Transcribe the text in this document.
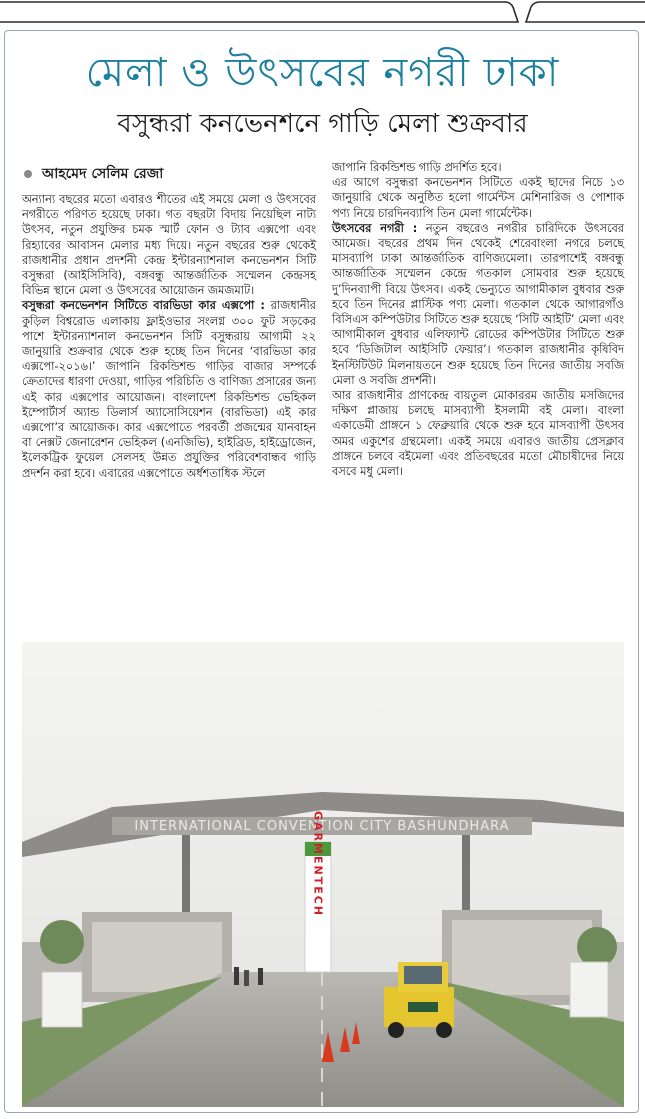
মেলা ও উৎসবের নগরী ঢাকা
বসুন্ধরা কনভেনশনে গাড়ি মেলা শুক্রবার
আহমেদ সেলিম রেজা

অন্যান্য বছরের মতো এবারও শীতের এই সময়ে মেলা ও উৎসবের নগরীতে পরিণত হয়েছে ঢাকা। গত বছরটা বিদায় নিয়েছিল নাট্য উৎসব, নতুন প্রযুক্তির চমক স্মার্ট ফোন ও ট্যাব এক্সপো এবং রিহ্যাবের আবাসন মেলার মধ্য দিয়ে। নতুন বছরের শুরু থেকেই রাজধানীর প্রধান প্রদর্শনী কেন্দ্র ইন্টারন্যাশনাল কনভেনশন সিটি বসুন্ধরা (আইসিসিবি), বঙ্গবন্ধু আন্তর্জাতিক সম্মেলন কেন্দ্রসহ বিভিন্ন স্থানে মেলা ও উৎসবের আয়োজন জমজমাট।

বসুন্ধরা কনভেনশন সিটিতে বারভিডা কার এক্সপো : রাজধানীর কুড়িল বিশ্বরোড এলাকায় ফ্লাইওভার সংলগ্ন ৩০০ ফুট সড়কের পাশে ইন্টারন্যাশনাল কনভেনশন সিটি বসুন্ধরায় আগামী ২২ জানুয়ারি শুক্রবার থেকে শুরু হচ্ছে তিন দিনের ‘বারভিডা কার এক্সপো-২০১৬।’ জাপানি রিকন্ডিশন্ড গাড়ির বাজার সম্পর্কে ক্রেতাদের ধারণা দেওয়া, গাড়ির পরিচিতি ও বাণিজ্য প্রসারের জন্য এই কার এক্সপোর আয়োজন। বাংলাদেশ রিকন্ডিশন্ড ভেহিকল ইম্পোর্টার্স অ্যান্ড ডিলার্স অ্যাসোসিয়েশন (বারভিডা) এই কার এক্সপো’র আয়োজক। কার এক্সপোতে পরবর্তী প্রজন্মের যানবাহন বা নেক্সট জেনারেশন ভেহিকল (এনজিভি), হাইব্রিড, হাইড্রোজেন, ইলেকট্রিক ফুয়েল সেলসহ উন্নত প্রযুক্তির পরিবেশবান্ধব গাড়ি প্রদর্শন করা হবে। এবারের এক্সপোতে অর্ধশতাধিক স্টলে

জাপানি রিকন্ডিশন্ড গাড়ি প্রদর্শিত হবে।

এর আগে বসুন্ধরা কনভেনশন সিটিতে একই ছাদের নিচে ১৩ জানুয়ারি থেকে অনুষ্ঠিত হলো গার্মেন্টস মেশিনারিজ ও পোশাক পণ্য নিয়ে চারদিনব্যাপি তিন মেলা গার্মেন্টেক।

উৎসবের নগরী : নতুন বছরেও নগরীর চারিদিকে উৎসবের আমেজ। বছরের প্রথম দিন থেকেই শেরেবাংলা নগরে চলছে মাসব্যাপি ঢাকা আন্তর্জাতিক বাণিজ্যমেলা। তারপাশেই বঙ্গবন্ধু আন্তর্জাতিক সম্মেলন কেন্দ্রে গতকাল সোমবার শুরু হয়েছে দু’দিনব্যাপী বিয়ে উৎসব। একই ভেন্যুতে আগামীকাল বুধবার শুরু হবে তিন দিনের প্লাস্টিক পণ্য মেলা। গতকাল থেকে আগারগাঁও বিসিএস কম্পিউটার সিটিতে শুরু হয়েছে ‘সিটি আইটি’ মেলা এবং আগামীকাল বুধবার এলিফ্যান্ট রোডের কম্পিউটার সিটিতে শুরু হবে ‘ডিজিটাল আইসিটি ফেয়ার’। গতকাল রাজধানীর কৃষিবিদ ইনস্টিটিউট মিলনায়তনে শুরু হয়েছে তিন দিনের জাতীয় সবজি মেলা ও সবজি প্রদর্শনী।

আর রাজধানীর প্রাণকেন্দ্র বায়তুল মোকাররম জাতীয় মসজিদের দক্ষিণ প্লাজায় চলছে মাসব্যাপী ইসলামী বই মেলা। বাংলা একাডেমী প্রাঙ্গনে ১ ফেব্রুয়ারি থেকে শুরু হবে মাসব্যাপী উৎসব অমর একুশের গ্রন্থমেলা। একই সময়ে এবারও জাতীয় প্রেসক্লাব প্রাঙ্গনে চলবে বইমেলা এবং প্রতিবছরের মতো মৌচাষীদের নিয়ে বসবে মধু মেলা।

INTERNATIONAL CONVENTION CITY BASHUNDHARA
GARMENTECH
